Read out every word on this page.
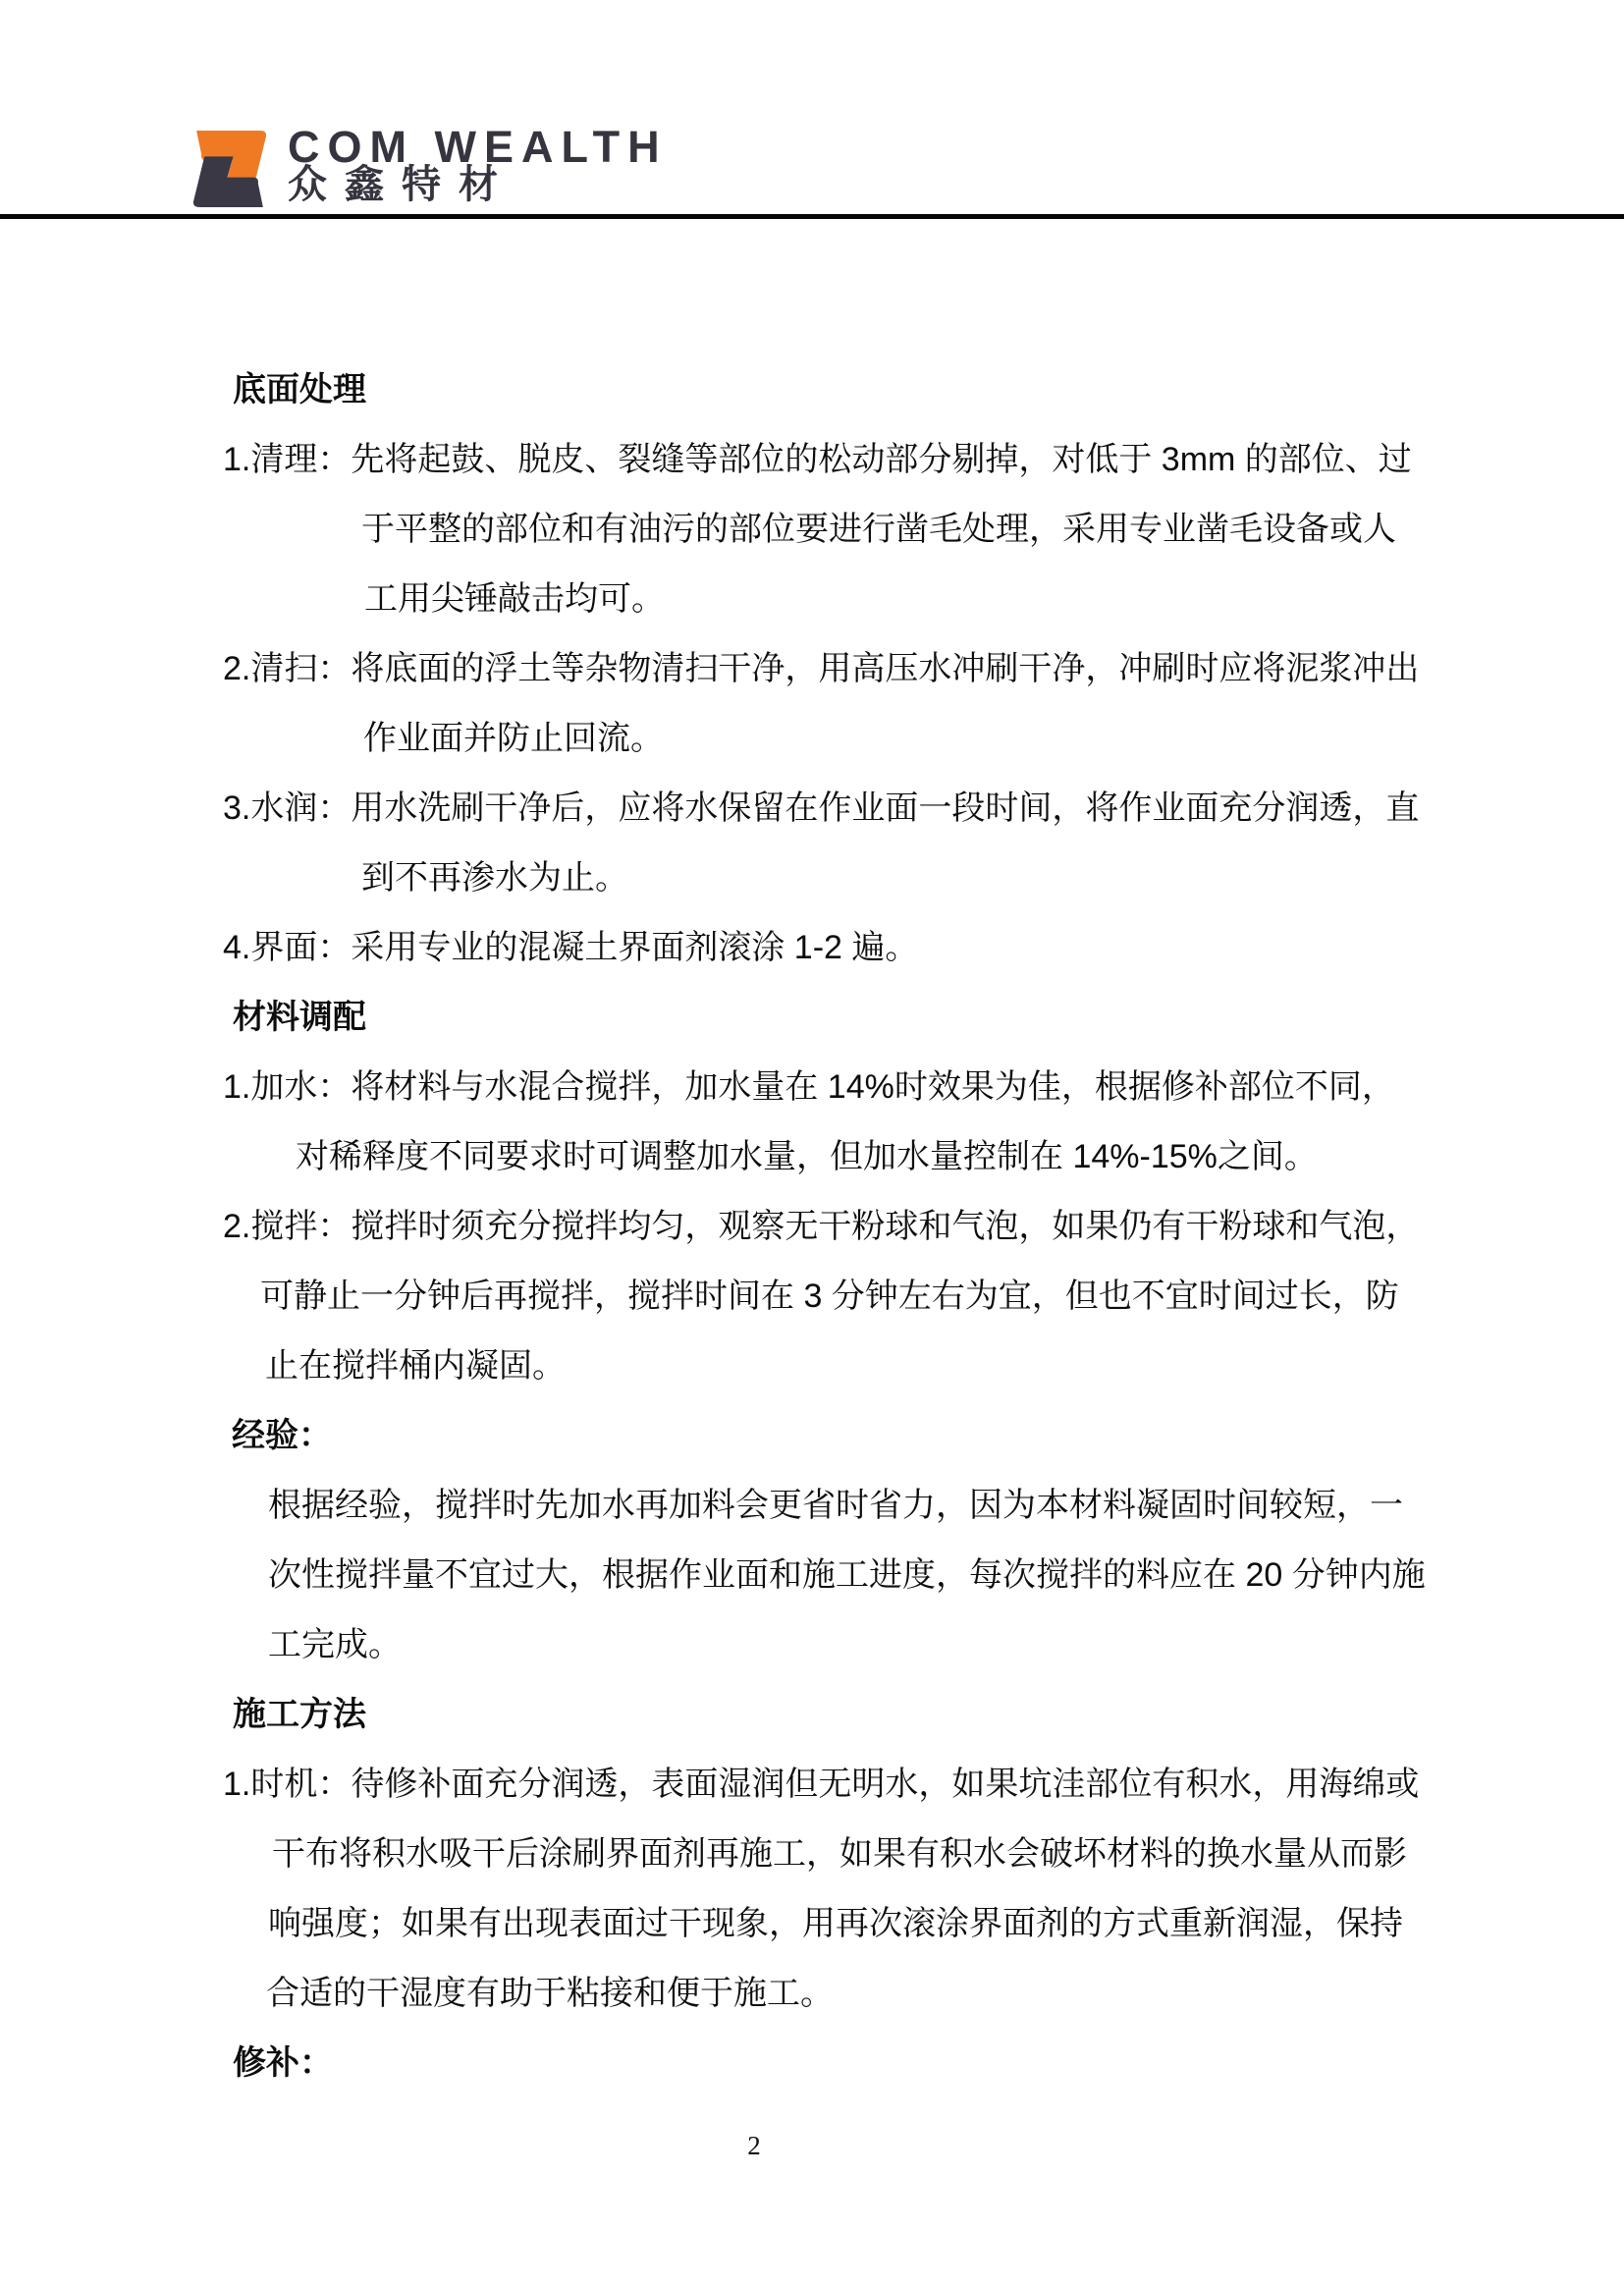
COM WEALTH
众鑫特材
底面处理
1.清理：先将起鼓、脱皮、裂缝等部位的松动部分剔掉，对低于 3mm 的部位、过
于平整的部位和有油污的部位要进行凿毛处理，采用专业凿毛设备或人
工用尖锤敲击均可。
2.清扫：将底面的浮土等杂物清扫干净，用高压水冲刷干净，冲刷时应将泥浆冲出
作业面并防止回流。
3.水润：用水洗刷干净后，应将水保留在作业面一段时间，将作业面充分润透，直
到不再渗水为止。
4.界面：采用专业的混凝土界面剂滚涂 1-2 遍。
材料调配
1.加水：将材料与水混合搅拌，加水量在 14%时效果为佳，根据修补部位不同，
对稀释度不同要求时可调整加水量，但加水量控制在 14%-15%之间。
2.搅拌：搅拌时须充分搅拌均匀，观察无干粉球和气泡，如果仍有干粉球和气泡，
可静止一分钟后再搅拌，搅拌时间在 3 分钟左右为宜，但也不宜时间过长，防
止在搅拌桶内凝固。
经验：
根据经验，搅拌时先加水再加料会更省时省力，因为本材料凝固时间较短，一
次性搅拌量不宜过大，根据作业面和施工进度，每次搅拌的料应在 20 分钟内施
工完成。
施工方法
1.时机：待修补面充分润透，表面湿润但无明水，如果坑洼部位有积水，用海绵或
干布将积水吸干后涂刷界面剂再施工，如果有积水会破坏材料的换水量从而影
响强度；如果有出现表面过干现象，用再次滚涂界面剂的方式重新润湿，保持
合适的干湿度有助于粘接和便于施工。
修补：
2
